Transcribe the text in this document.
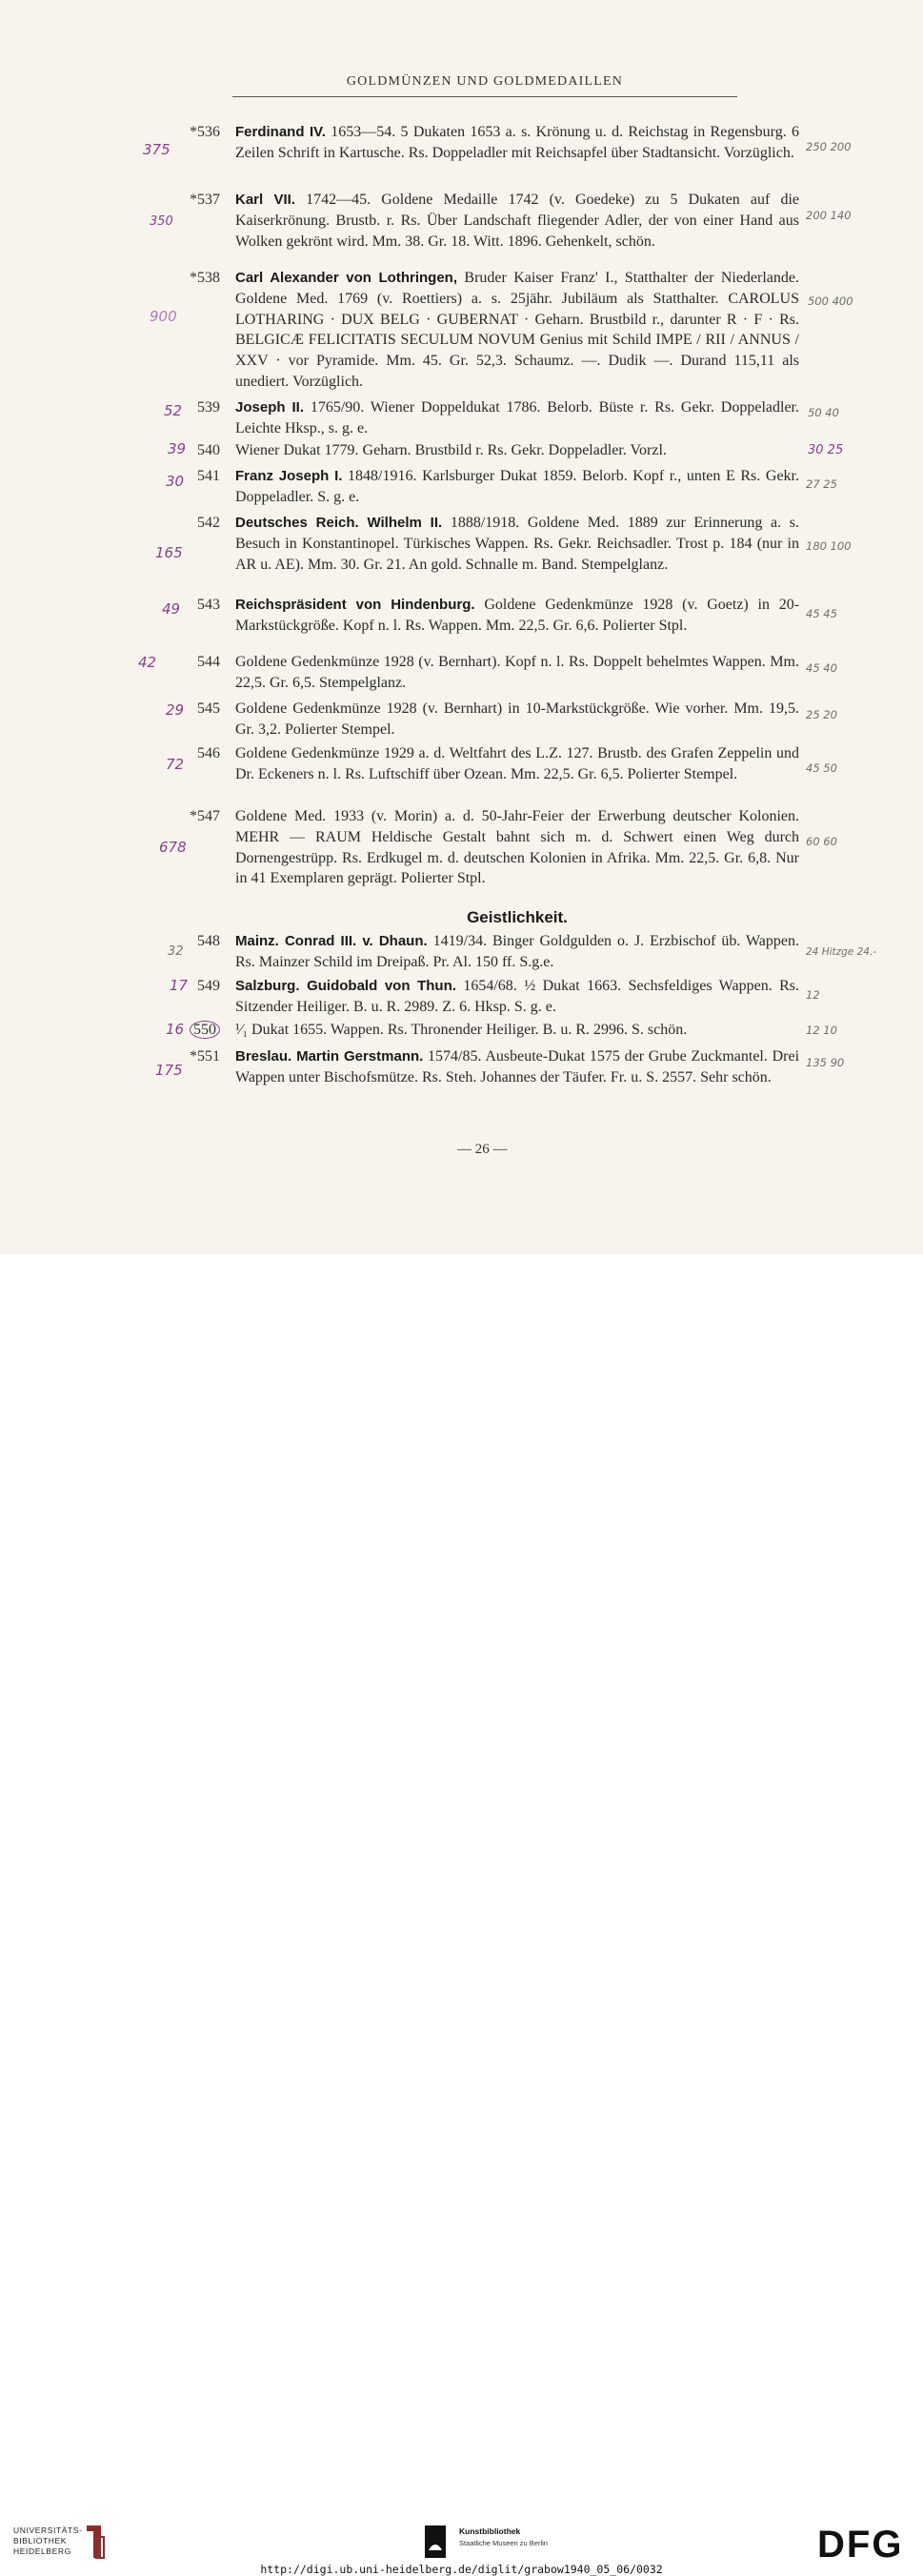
GOLDMÜNZEN UND GOLDMEDAILLEN
*536 Ferdinand IV. 1653—54. 5 Dukaten 1653 a. s. Krönung u. d. Reichstag in Regensburg. 6 Zeilen Schrift in Kartusche. Rs. Doppeladler mit Reichsapfel über Stadtansicht. Vorzüglich.
*537 Karl VII. 1742—45. Goldene Medaille 1742 (v. Goedeke) zu 5 Dukaten auf die Kaiserkrönung. Brustb. r. Rs. Über Landschaft fliegender Adler, der von einer Hand aus Wolken gekrönt wird. Mm. 38. Gr. 18. Witt. 1896. Gehenkelt, schön.
*538 Carl Alexander von Lothringen, Bruder Kaiser Franz' I., Statthalter der Niederlande. Goldene Med. 1769 (v. Roettiers) a. s. 25jähr. Jubiläum als Statthalter. CAROLUS LOTHARING · DUX BELG · GUBERNAT · Geharn. Brustbild r., darunter R · F · Rs. BELGICÆ FELICITATIS SECULUM NOVUM Genius mit Schild IMPE / RII / ANNUS / XXV · vor Pyramide. Mm. 45. Gr. 52,3. Schaumz. —. Dudik —. Durand 115,11 als unediert. Vorzüglich.
539 Joseph II. 1765/90. Wiener Doppeldukat 1786. Belorb. Büste r. Rs. Gekr. Doppeladler. Leichte Hksp., s. g. e.
540 Wiener Dukat 1779. Geharn. Brustbild r. Rs. Gekr. Doppeladler. Vorzl.
541 Franz Joseph I. 1848/1916. Karlsburger Dukat 1859. Belorb. Kopf r., unten E Rs. Gekr. Doppeladler. S. g. e.
542 Deutsches Reich. Wilhelm II. 1888/1918. Goldene Med. 1889 zur Erinnerung a. s. Besuch in Konstantinopel. Türkisches Wappen. Rs. Gekr. Reichsadler. Trost p. 184 (nur in AR u. AE). Mm. 30. Gr. 21. An gold. Schnalle m. Band. Stempelglanz.
543 Reichspräsident von Hindenburg. Goldene Gedenkmünze 1928 (v. Goetz) in 20-Markstückgröße. Kopf n. l. Rs. Wappen. Mm. 22,5. Gr. 6,6. Polierter Stpl.
544 Goldene Gedenkmünze 1928 (v. Bernhart). Kopf n. l. Rs. Doppelt behelmtes Wappen. Mm. 22,5. Gr. 6,5. Stempelglanz.
545 Goldene Gedenkmünze 1928 (v. Bernhart) in 10-Markstückgröße. Wie vorher. Mm. 19,5. Gr. 3,2. Polierter Stempel.
546 Goldene Gedenkmünze 1929 a. d. Weltfahrt des L.Z. 127. Brustb. des Grafen Zeppelin und Dr. Eckeners n. l. Rs. Luftschiff über Ozean. Mm. 22,5. Gr. 6,5. Polierter Stempel.
*547 Goldene Med. 1933 (v. Morin) a. d. 50-Jahr-Feier der Erwerbung deutscher Kolonien. MEHR — RAUM Heldische Gestalt bahnt sich m. d. Schwert einen Weg durch Dornengestrüpp. Rs. Erdkugel m. d. deutschen Kolonien in Afrika. Mm. 22,5. Gr. 6,8. Nur in 41 Exemplaren geprägt. Polierter Stpl.
Geistlichkeit.
548 Mainz. Conrad III. v. Dhaun. 1419/34. Binger Goldgulden o. J. Erzbischof üb. Wappen. Rs. Mainzer Schild im Dreipaß. Pr. Al. 150 ff. S.g.e.
549 Salzburg. Guidobald von Thun. 1654/68. ½ Dukat 1663. Sechsfeldiges Wappen. Rs. Sitzender Heiliger. B. u. R. 2989. Z. 6. Hksp. S. g. e.
550 ¹⁄₁ Dukat 1655. Wappen. Rs. Thronender Heiliger. B. u. R. 2996. S. schön.
*551 Breslau. Martin Gerstmann. 1574/85. Ausbeute-Dukat 1575 der Grube Zuckmantel. Drei Wappen unter Bischofsmütze. Rs. Steh. Johannes der Täufer. Fr. u. S. 2557. Sehr schön.
375
350
900
52
39
30
165
49
42
29
72
678
32
17
16
175
250 200
200 140
500 400
50 40
30 25
27 25
180 100
45 45
45 40
25 20
45 50
60 60
24 Hitzge 24.-
12
12 10
135 90
— 26 —
UNIVERSITÄTS-
BIBLIOTHEK
HEIDELBERG
Kunstbibliothek
Staatliche Museen zu Berlin	DFG
http://digi.ub.uni-heidelberg.de/diglit/grabow1940_05_06/0032
